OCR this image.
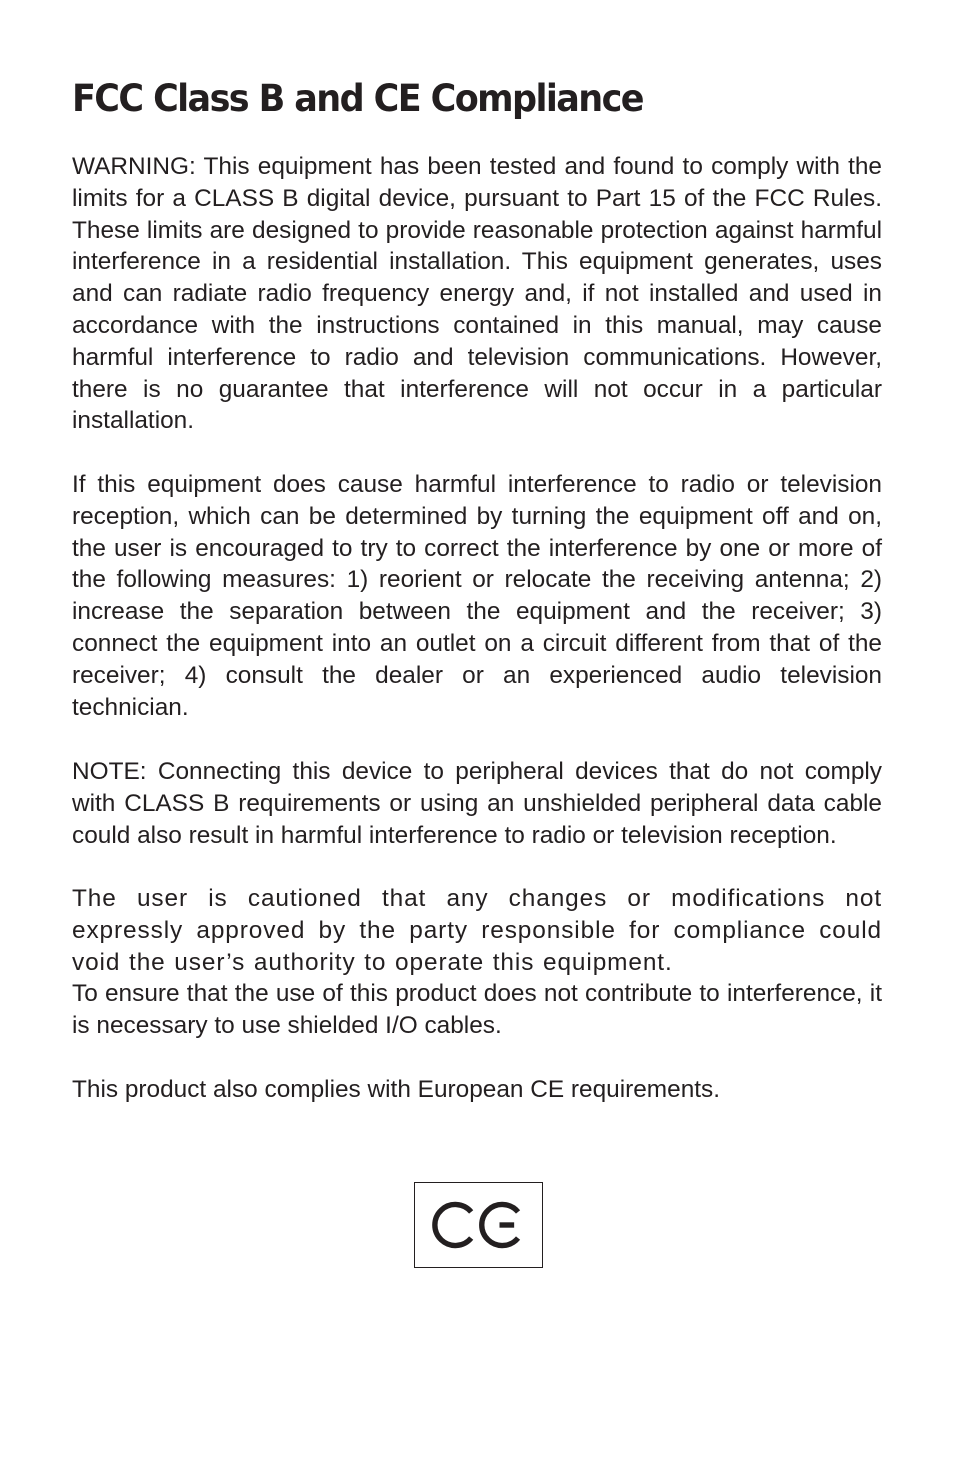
FCC Class B and CE Compliance

WARNING: This equipment has been tested and found to comply with the limits for a CLASS B digital device, pursuant to Part 15 of the FCC Rules. These limits are designed to provide reasonable protection against harmful interference in a residential installation. This equipment generates, uses and can radiate radio frequency energy and, if not installed and used in accordance with the instructions contained in this manual, may cause harmful interference to radio and television communications. However, there is no guarantee that interference will not occur in a particular installation.

If this equipment does cause harmful interference to radio or television reception, which can be determined by turning the equipment off and on, the user is encouraged to try to correct the interference by one or more of the following measures: 1) reorient or relocate the receiving antenna; 2) increase the separation between the equipment and the receiver; 3) connect the equipment into an outlet on a circuit different from that of the receiver; 4) consult the dealer or an experienced audio television technician.

NOTE: Connecting this device to peripheral devices that do not comply with CLASS B requirements or using an unshielded peripheral data cable could also result in harmful interference to radio or television reception.

The user is cautioned that any changes or modifications not expressly approved by the party responsible for compliance could void the user’s authority to operate this equipment.

To ensure that the use of this product does not contribute to interference, it is necessary to use shielded I/O cables.

This product also complies with European CE requirements.
